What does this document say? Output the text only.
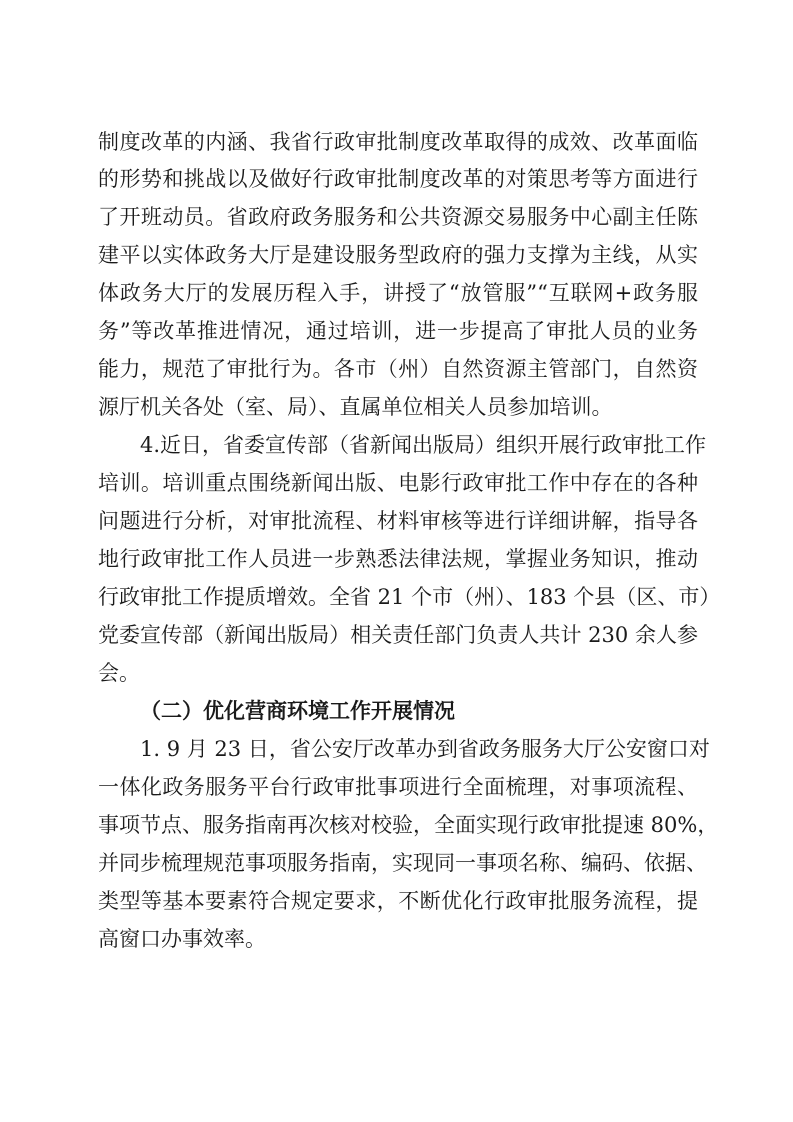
制度改革的内涵、我省行政审批制度改革取得的成效、改革面临
的形势和挑战以及做好行政审批制度改革的对策思考等方面进行
了开班动员。省政府政务服务和公共资源交易服务中心副主任陈
建平以实体政务大厅是建设服务型政府的强力支撑为主线，从实
体政务大厅的发展历程入手，讲授了“放管服”“互联网+政务服
务”等改革推进情况，通过培训，进一步提高了审批人员的业务
能力，规范了审批行为。各市（州）自然资源主管部门，自然资
源厅机关各处（室、局）、直属单位相关人员参加培训。
4.近日，省委宣传部（省新闻出版局）组织开展行政审批工作
培训。培训重点围绕新闻出版、电影行政审批工作中存在的各种
问题进行分析，对审批流程、材料审核等进行详细讲解，指导各
地行政审批工作人员进一步熟悉法律法规，掌握业务知识，推动
行政审批工作提质增效。全省 21 个市（州）、183 个县（区、市）
党委宣传部（新闻出版局）相关责任部门负责人共计 230 余人参
会。
（二）优化营商环境工作开展情况
1. 9 月 23 日，省公安厅改革办到省政务服务大厅公安窗口对
一体化政务服务平台行政审批事项进行全面梳理，对事项流程、
事项节点、服务指南再次核对校验，全面实现行政审批提速 80%，
并同步梳理规范事项服务指南，实现同一事项名称、编码、依据、
类型等基本要素符合规定要求，不断优化行政审批服务流程，提
高窗口办事效率。
